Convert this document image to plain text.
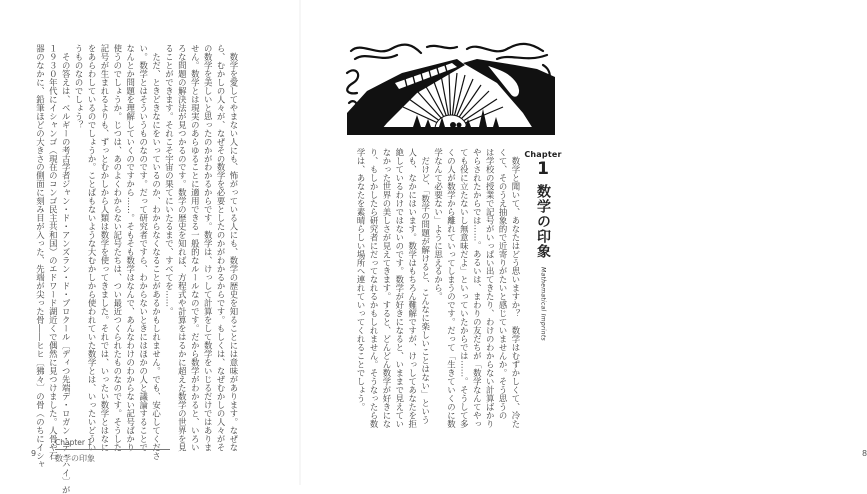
　数学を愛してやまない人にも、怖がっている人にも、数学の歴史を知ることには意味があります。なぜな
ら、むかしの人々が、なぜその数学を必要としたのかがわかるからです。もしくは、なぜむかしの人々がそ
の数学を美しいと思ったのかがわかるからです。数学は、けっして計算をして数学をいじるだけではありま
せん。数学とは現実のあらゆることに適用できる一般的なルールなのです。だから数学がわかると、いろい
ろな問題の解決法が見つかるのです。数学の歴史を知れば、方程式や計算をはるかに超えた数学の世界を見
ることができます。それこそ宇宙の果てにいたるまで、すべてを……。
　ただ、ときどきなにをいっているのか、わからなくなることがあるかもしれません。でも、安心してくださ
い。数学とはそういうものなのです。だって研究者ですら、わからないときにはほかの人と議論することで
なんとか問題を理解していくのですから……。そもそも数学はなんで、あんなわけのわからない記号ばかり
使うのでしょうか。じつは、あのよくわからない記号たちは、つい最近つくられたものなのです。そうした
記号が生まれるよりも、ずっとむかしから人類は数学を使ってきました。それでは、いったい数学とはなに
をあらわしているのでしょうか。ことばもないような大むかしから使われていた数学とは、いったいどうい
うものなのでしょう？
　その答えは、ベルギーの考古学者ジャン・ド・アンズラン・ド・ブロクール〔ディつ先端デ・ロガン・デ・ハイ〕が
１９３０年代にイシャンゴ（現在のコンゴ民主共和国）のエドワード湖近くで偶然に見つけました。人骨や石
器のなかに、鉛筆ほどの大きさの側面に刻み目が入った、先端が尖った骨――ヒヒ〔狒々〕の骨（のちにイシャ
9
Chapter 1
数学の印象
Chapter
1
数学の印象
Mathematical Imprints
　数学と聞いて、あなたはどう思いますか？　数学はむずかしくて、冷た
くて、そのうえ抽象的で近寄りがたいと感じていませんか。そう思うの
は学校の授業で記号がいっぱい出てきたり、わけのわからない計算ばかり
やらされたからでは……。あるいは、まわりの友だちが「数学なんてやっ
ても役に立たないし無意味だよ」といっていたからでは……。そうして多
くの人が数学から離れていってしまうのです。だって「生きていくのに数
学なんて必要ない」ように思えるから。
　だけど、「数学の問題が解けると、こんなに楽しいことはない」という
人も、なかにはいます。数学はもちろん難解ですが、けっしてあなたを拒
絶しているわけではないのです。数学が好きになると、いままで見えてい
なかった世界の美しさが見えてきます。すると、どんどん数学が好きにな
り、もしかしたら研究者にだってなれるかもしれません。そうなったら数
学は、あなたを素晴らしい場所へ連れていってくれることでしょう。
8
